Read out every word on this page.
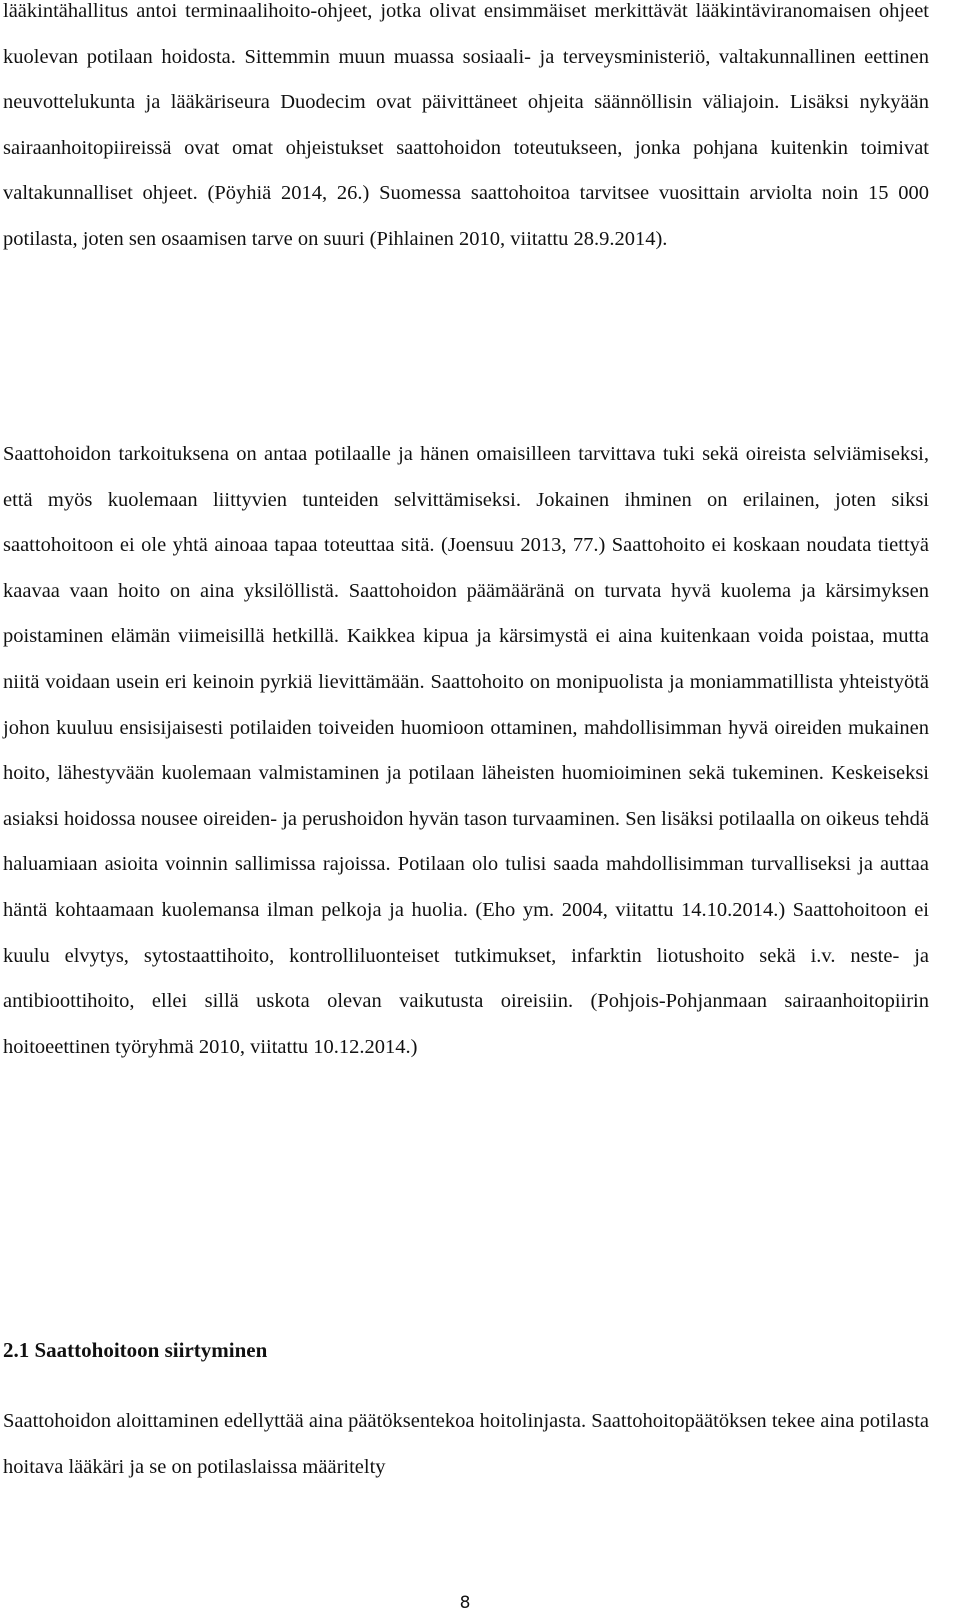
lääkintähallitus antoi terminaalihoito-ohjeet, jotka olivat ensimmäiset merkittävät lääkintäviranomaisen ohjeet kuolevan potilaan hoidosta. Sittemmin muun muassa sosiaali- ja terveysministeriö, valtakunnallinen eettinen neuvottelukunta ja lääkäriseura Duodecim ovat päivittäneet ohjeita säännöllisin väliajoin. Lisäksi nykyään sairaanhoitopiireissä ovat omat ohjeistukset saattohoidon toteutukseen, jonka pohjana kuitenkin toimivat valtakunnalliset ohjeet. (Pöyhiä 2014, 26.) Suomessa saattohoitoa tarvitsee vuosittain arviolta noin 15 000 potilasta, joten sen osaamisen tarve on suuri (Pihlainen 2010, viitattu 28.9.2014).

Saattohoidon tarkoituksena on antaa potilaalle ja hänen omaisilleen tarvittava tuki sekä oireista selviämiseksi, että myös kuolemaan liittyvien tunteiden selvittämiseksi. Jokainen ihminen on erilainen, joten siksi saattohoitoon ei ole yhtä ainoaa tapaa toteuttaa sitä. (Joensuu 2013, 77.) Saattohoito ei koskaan noudata tiettyä kaavaa vaan hoito on aina yksilöllistä. Saattohoidon päämääränä on turvata hyvä kuolema ja kärsimyksen poistaminen elämän viimeisillä hetkillä. Kaikkea kipua ja kärsimystä ei aina kuitenkaan voida poistaa, mutta niitä voidaan usein eri keinoin pyrkiä lievittämään. Saattohoito on monipuolista ja moniammatillista yhteistyötä johon kuuluu ensisijaisesti potilaiden toiveiden huomioon ottaminen, mahdollisimman hyvä oireiden mukainen hoito, lähestyvään kuolemaan valmistaminen ja potilaan läheisten huomioiminen sekä tukeminen. Keskeiseksi asiaksi hoidossa nousee oireiden- ja perushoidon hyvän tason turvaaminen. Sen lisäksi potilaalla on oikeus tehdä haluamiaan asioita voinnin sallimissa rajoissa. Potilaan olo tulisi saada mahdollisimman turvalliseksi ja auttaa häntä kohtaamaan kuolemansa ilman pelkoja ja huolia. (Eho ym. 2004, viitattu 14.10.2014.) Saattohoitoon ei kuulu elvytys, sytostaattihoito, kontrolliluonteiset tutkimukset, infarktin liotushoito sekä i.v. neste- ja antibioottihoito, ellei sillä uskota olevan vaikutusta oireisiin. (Pohjois-Pohjanmaan sairaanhoitopiirin hoitoeettinen työryhmä 2010, viitattu 10.12.2014.)

2.1 Saattohoitoon siirtyminen

Saattohoidon aloittaminen edellyttää aina päätöksentekoa hoitolinjasta. Saattohoitopäätöksen tekee aina potilasta hoitava lääkäri ja se on potilaslaissa määritelty

8
